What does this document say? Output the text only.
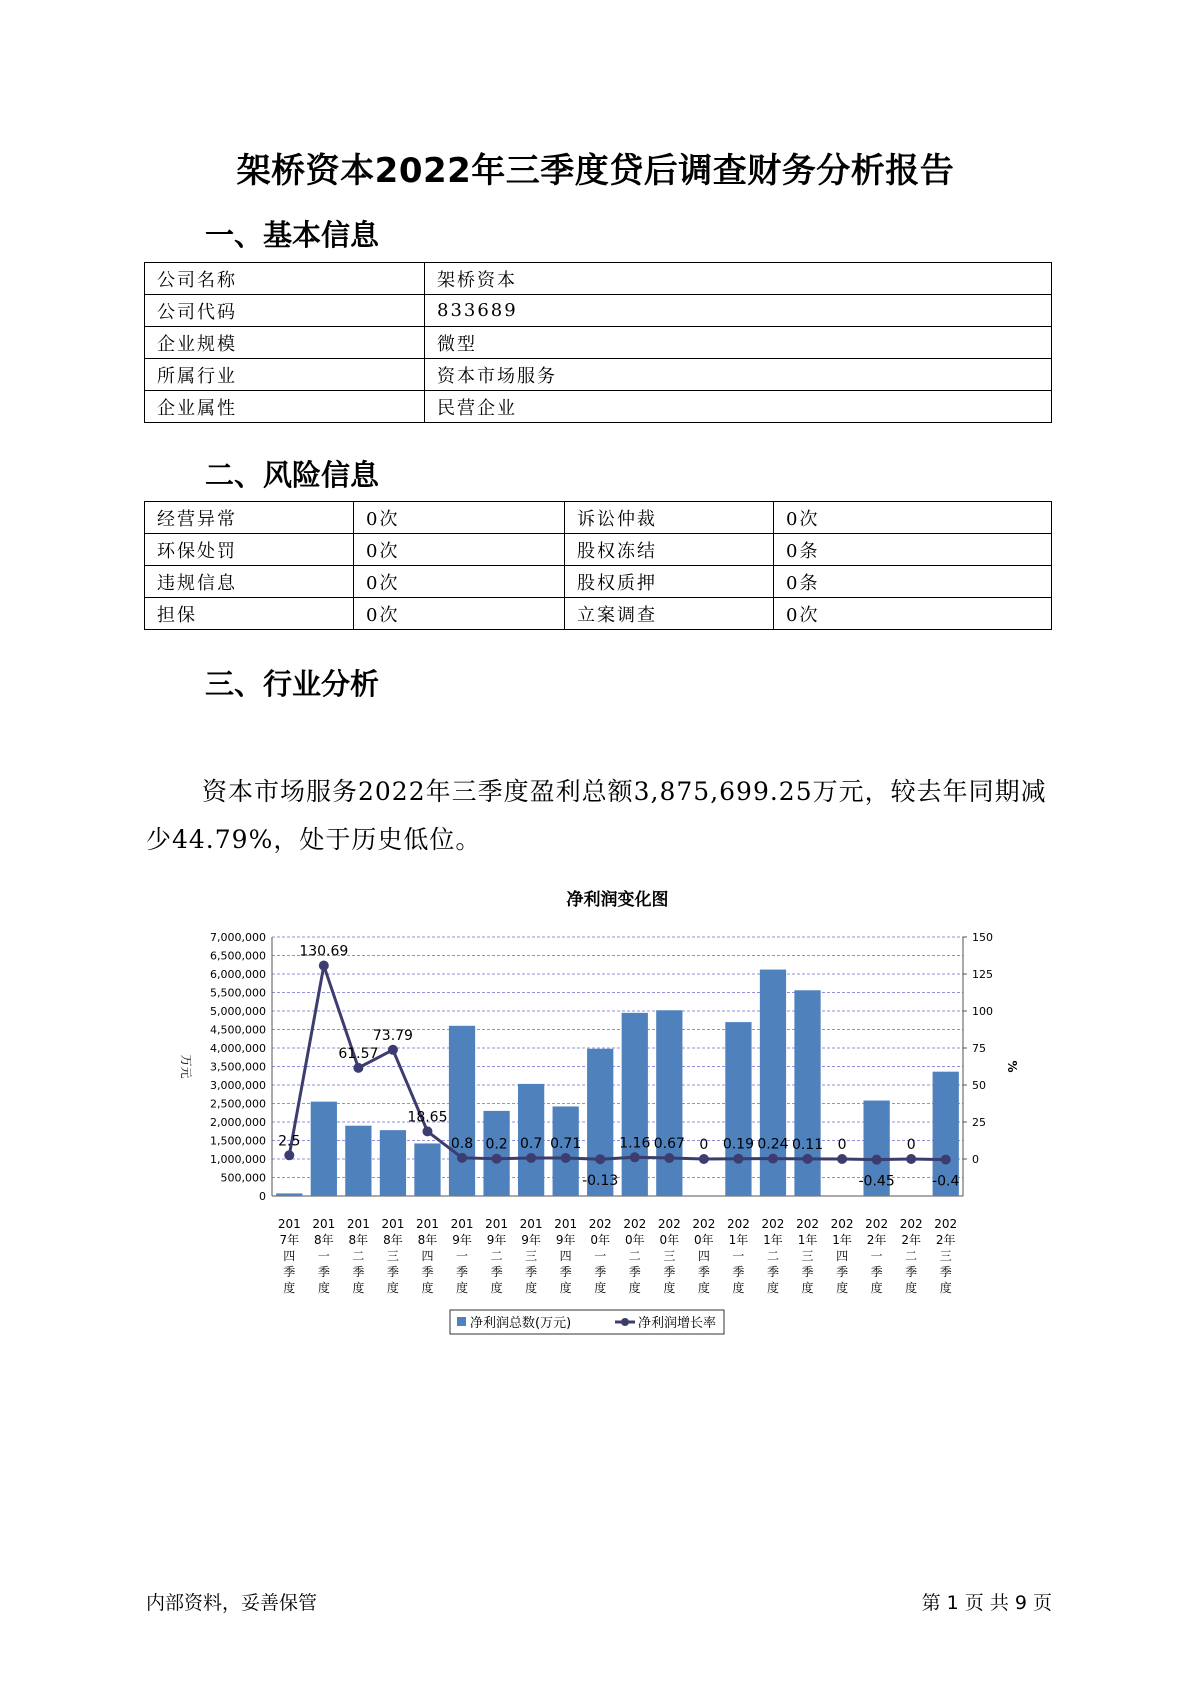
架桥资本2022年三季度贷后调查财务分析报告
一、基本信息
公司名称	架桥资本
公司代码	833689
企业规模	微型
所属行业	资本市场服务
企业属性	民营企业
二、风险信息
经营异常	0次	诉讼仲裁	0次
环保处罚	0次	股权冻结	0条
违规信息	0次	股权质押	0条
担保	0次	立案调查	0次
三、行业分析
资本市场服务2022年三季度盈利总额3,875,699.25万元，较去年同期减少44.79%，处于历史低位。
净利润变化图
0
500,000
1,000,000
1,500,000
2,000,000
2,500,000
3,000,000
3,500,000
4,000,000
4,500,000
5,000,000
5,500,000
6,000,000
6,500,000
7,000,000
0
25
50
75
100
125
150
万元	%
2.5
130.69
61.57
73.79
18.65
0.8 0.2 0.7 0.71
-0.13
1.16 0.67 0 0.19 0.24 0.11 0
-0.45
0
-0.4
201
7年
四
季
度
201
8年
一
季
度
201
8年
二
季
度
201
8年
三
季
度
201
8年
四
季
度
201
9年
一
季
度
201
9年
二
季
度
201
9年
三
季
度
201
9年
四
季
度
202
0年
一
季
度
202
0年
二
季
度
202
0年
三
季
度
202
0年
四
季
度
202
1年
一
季
度
202
1年
二
季
度
202
1年
三
季
度
202
1年
四
季
度
202
2年
一
季
度
202
2年
二
季
度
202
2年
三
季
度
净利润总数(万元)	净利润增长率
内部资料，妥善保管	第 1 页 共 9 页
